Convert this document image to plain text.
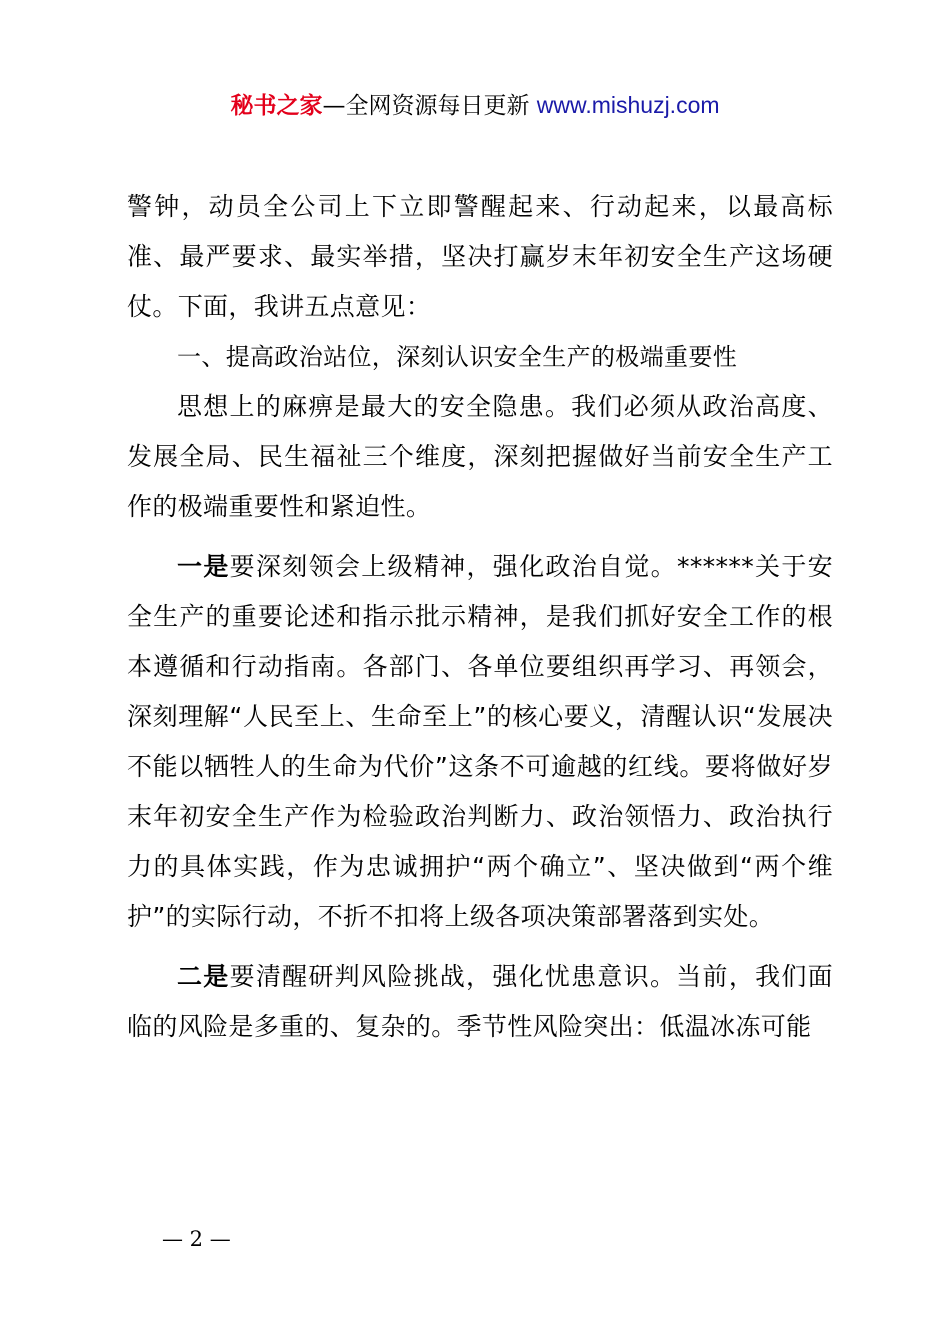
秘书之家—全网资源每日更新 www.mishuzj.com

警钟，动员全公司上下立即警醒起来、行动起来，以最高标准、最严要求、最实举措，坚决打赢岁末年初安全生产这场硬仗。下面，我讲五点意见：

一、提高政治站位，深刻认识安全生产的极端重要性

思想上的麻痹是最大的安全隐患。我们必须从政治高度、发展全局、民生福祉三个维度，深刻把握做好当前安全生产工作的极端重要性和紧迫性。

一是要深刻领会上级精神，强化政治自觉。******关于安全生产的重要论述和指示批示精神，是我们抓好安全工作的根本遵循和行动指南。各部门、各单位要组织再学习、再领会，深刻理解“人民至上、生命至上”的核心要义，清醒认识“发展决不能以牺牲人的生命为代价”这条不可逾越的红线。要将做好岁末年初安全生产作为检验政治判断力、政治领悟力、政治执行力的具体实践，作为忠诚拥护“两个确立”、坚决做到“两个维护”的实际行动，不折不扣将上级各项决策部署落到实处。

二是要清醒研判风险挑战，强化忧患意识。当前，我们面临的风险是多重的、复杂的。季节性风险突出：低温冰冻可能

— 2 —
